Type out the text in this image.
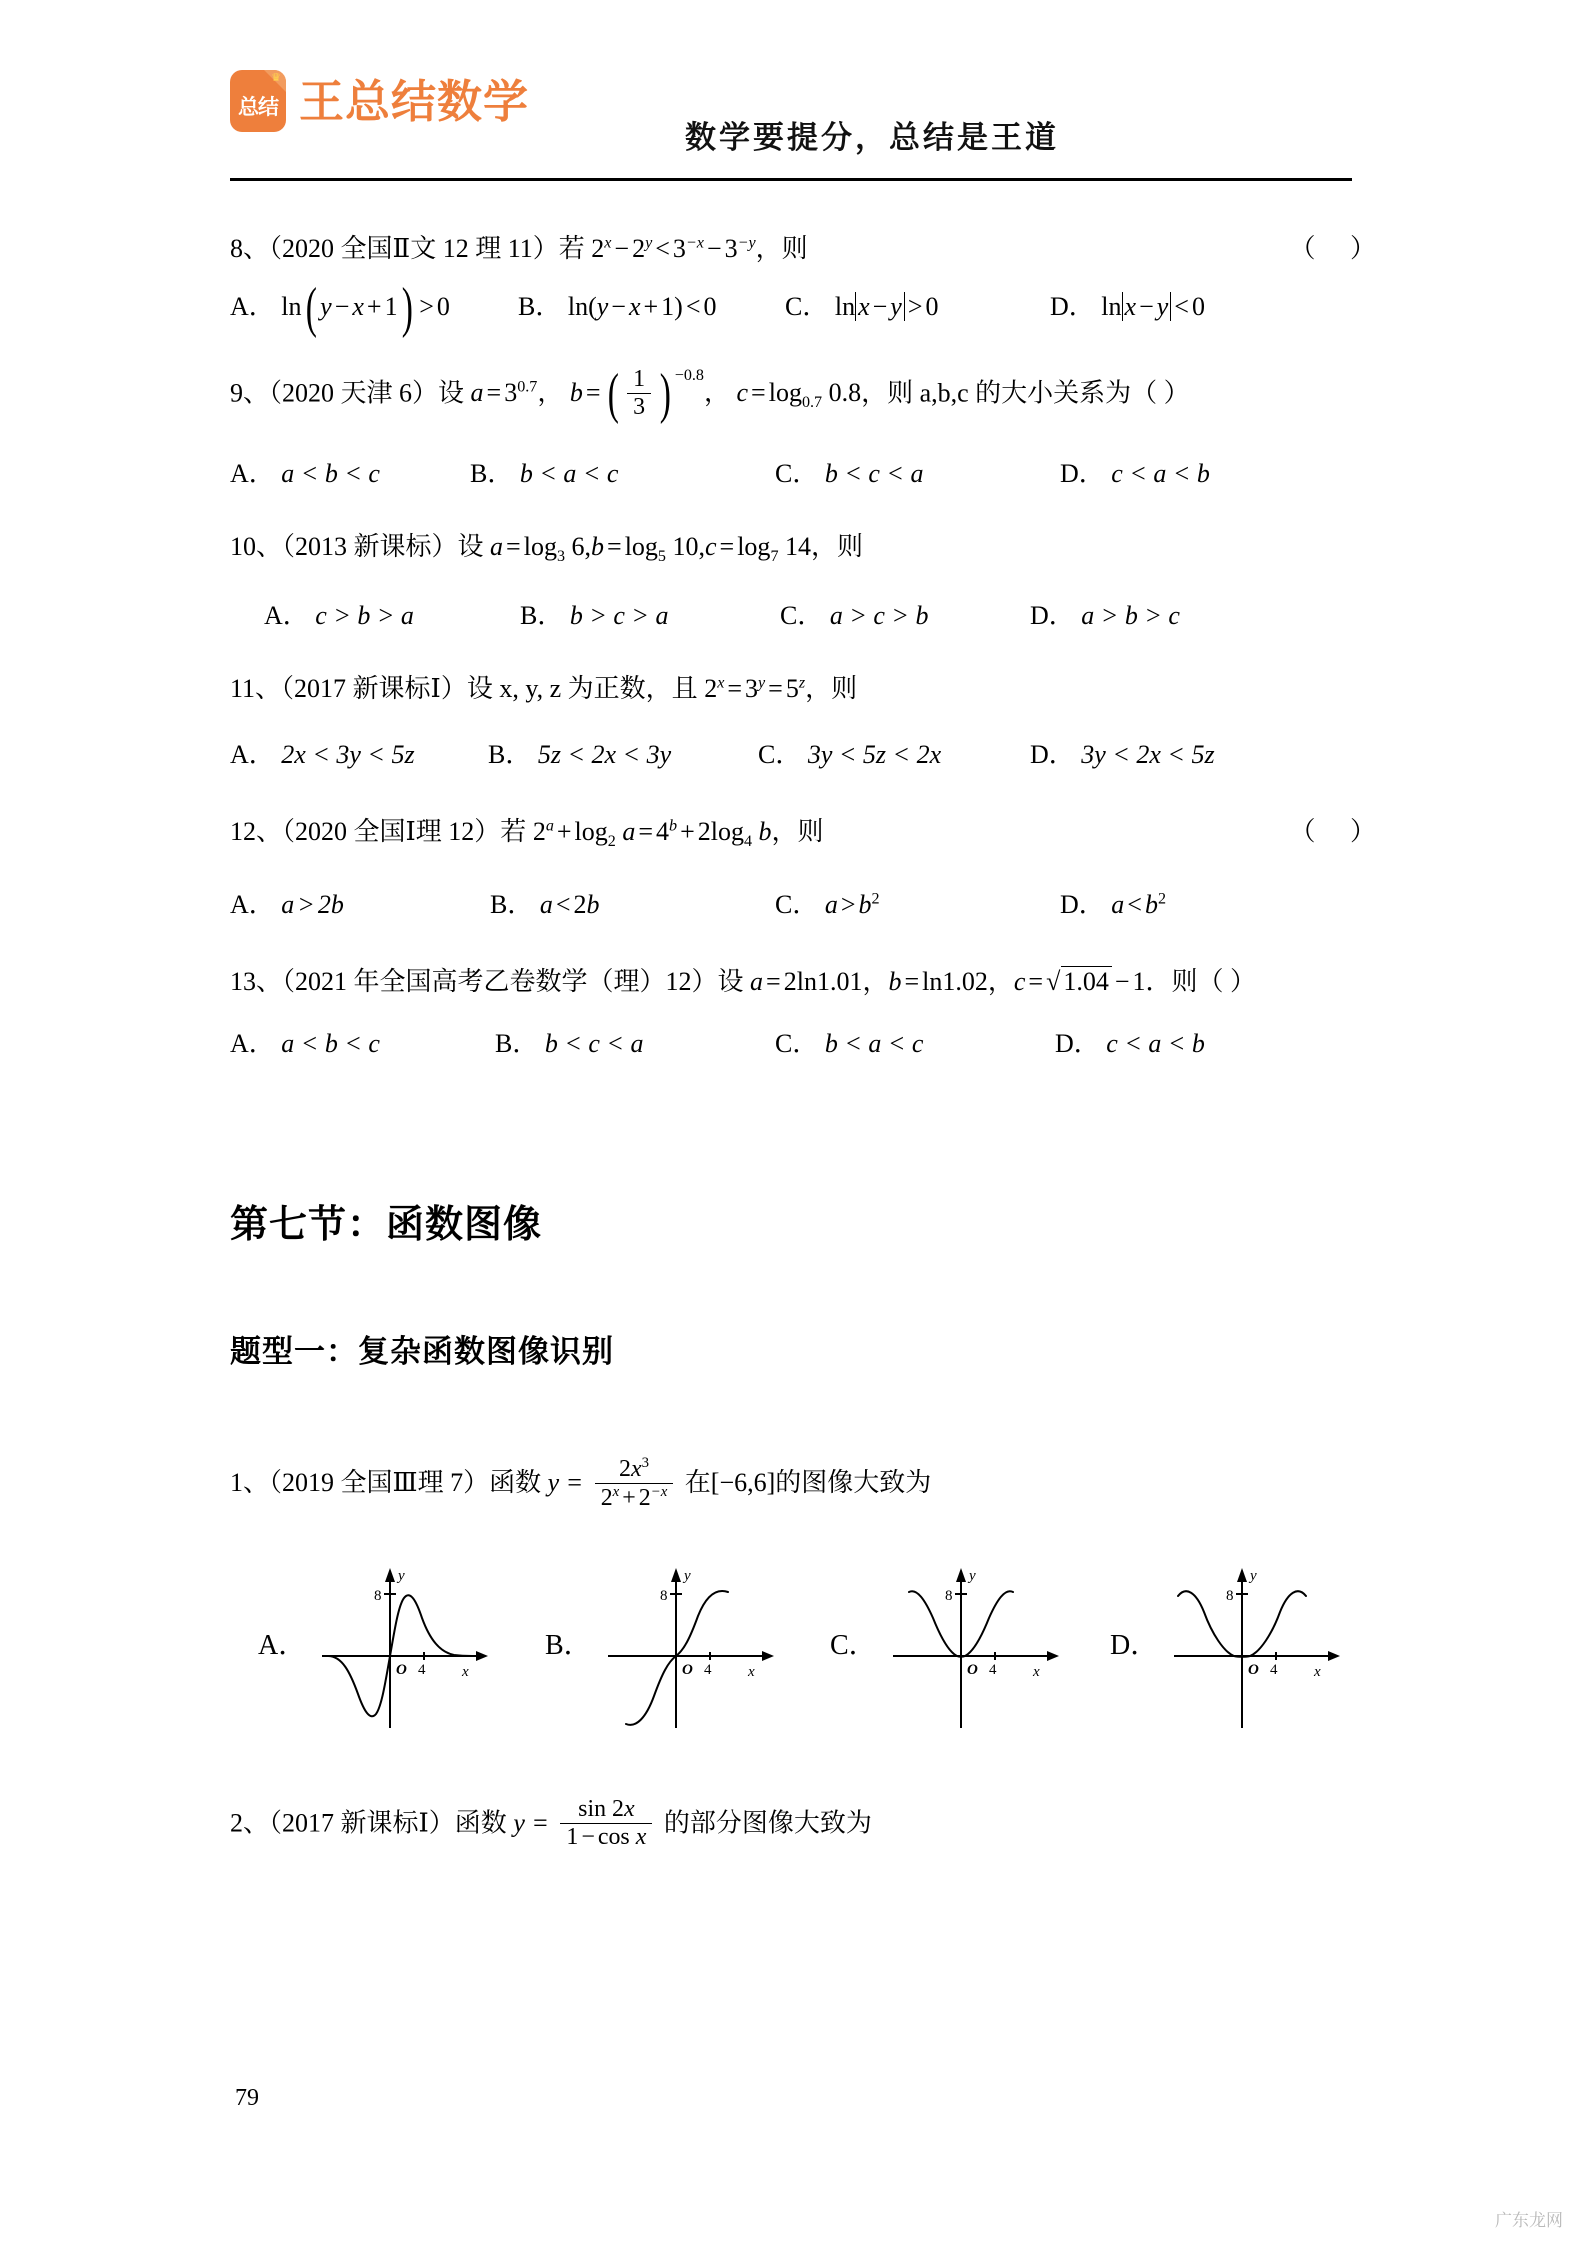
♛
总结 王总结数学
数学要提分，总结是王道
8、（2020 全国Ⅱ文 12 理 11）若 $2^x - 2^y < 3^{-x} - 3^{-y}$，则	（ ）
A． ln( y − x + 1) > 0	B． ln(y − x + 1) < 0	C． ln x − y > 0	D． ln x − y < 0
9、（2020 天津 6）设 $a = 3^{0.7}$， b = ( $\frac{1}{3}$ ) $^{-0.8}$， $c = \log_{0.7} 0.8$，则 a,b,c 的大小关系为（ ）
A． a < b < c	B． b < a < c	C． b < c < a	D． c < a < b
10、（2013 新课标）设 $a = \log_3 6,b = \log_5 10,c = \log_7 14$，则
A． c > b > a	B． b > c > a	C． a > c > b	D． a > b > c
11、（2017 新课标Ⅰ）设 x, y, z 为正数，且 $2^x = 3^y = 5^z$，则
A． 2x < 3y < 5z	B． 5z < 2x < 3y	C． 3y < 5z < 2x	D． 3y < 2x < 5z
12、（2020 全国Ⅰ理 12）若 $2^a + \log_2 a = 4^b + 2\log_4$ b，则	（ ）
A． a > 2b	B． a < 2b	C． $a > b^2$	D． $a < b^2$
13、（2021 年全国高考乙卷数学（理）12）设 a = 2ln1.01，b = ln1.02，c = √ 1.04 − 1．则（ ）
A． a < b < c	B． b < c < a	C． b < a < c	D． c < a < b
第七节：函数图像
题型一：复杂函数图像识别
1、（2019 全国Ⅲ理 7）函数 $y = \frac{2x^3}{2^x + 2^{-x}}$ 在[−6,6]的图像大致为
A．
8
O 4 x
y
B．
8
O 4 x
y
C．
8
O 4 x
y
D．
8
O 4 x
y
2、（2017 新课标Ⅰ）函数 $y = \frac{\sin 2x}{\text{1 − cos x}}$ 的部分图像大致为
79
广东龙网
